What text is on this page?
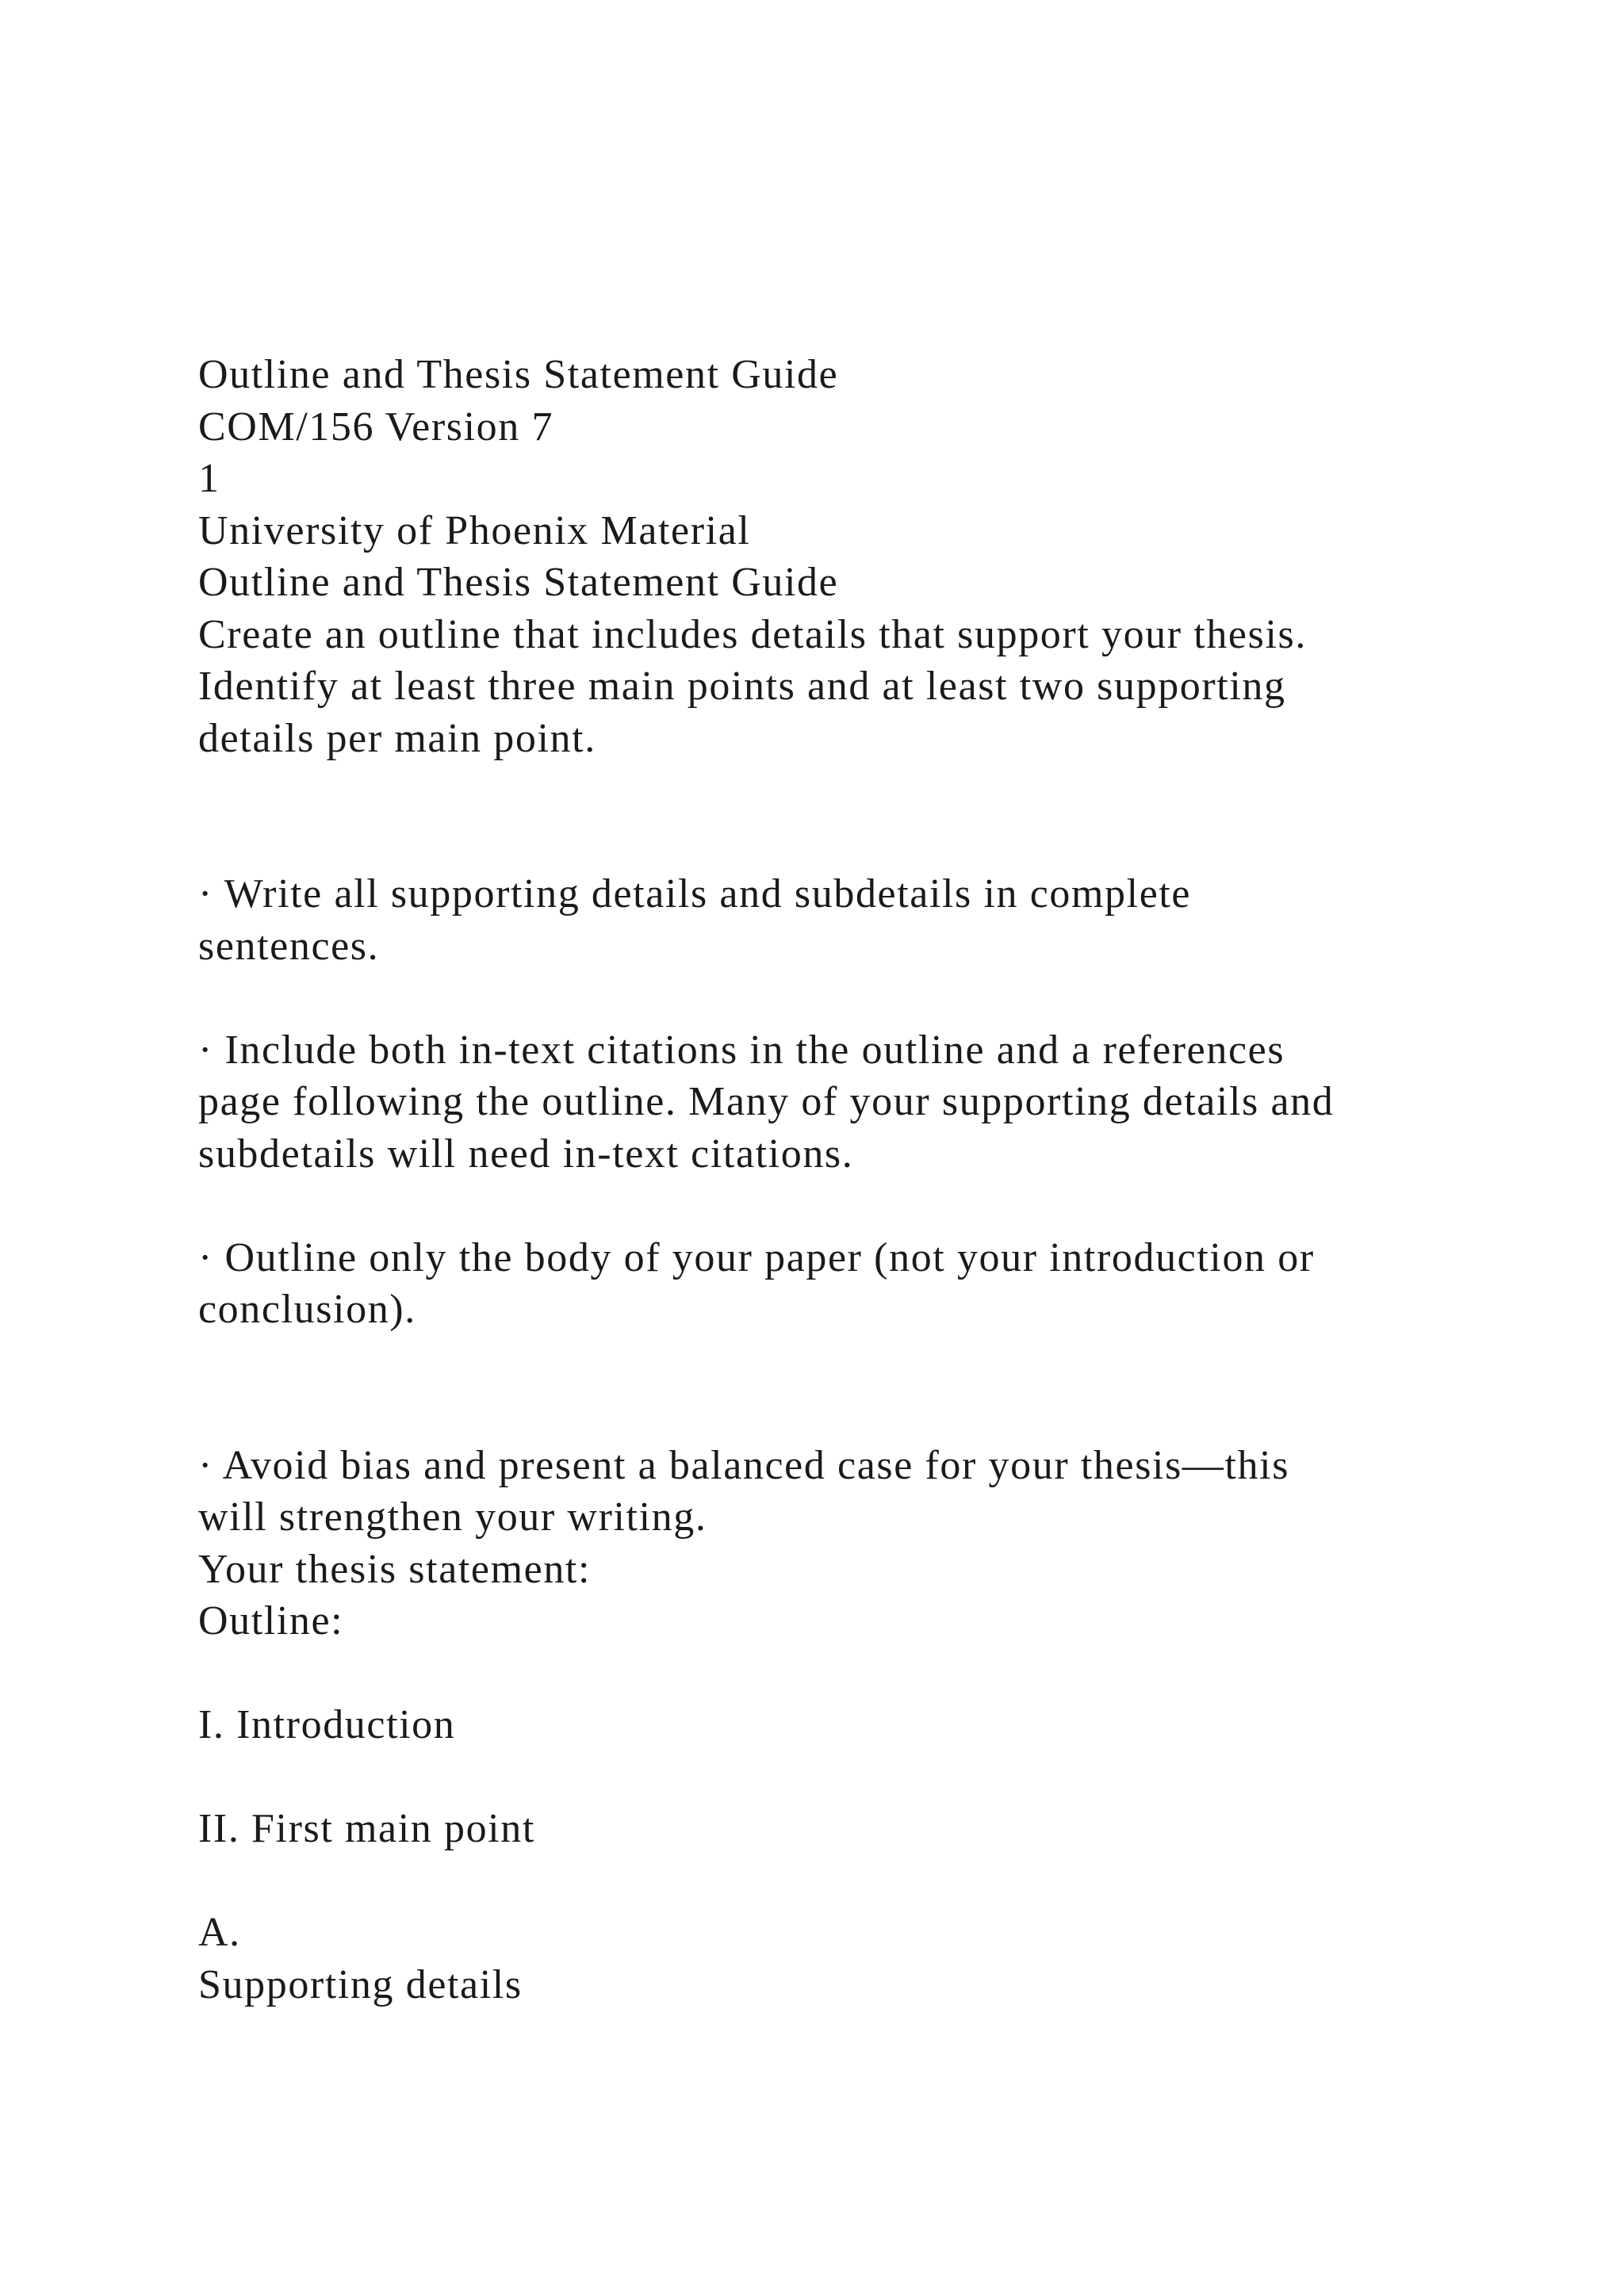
Outline and Thesis Statement Guide
COM/156 Version 7
1
University of Phoenix Material
Outline and Thesis Statement Guide
Create an outline that includes details that support your thesis.
Identify at least three main points and at least two supporting
details per main point.
· Write all supporting details and subdetails in complete
sentences.
· Include both in-text citations in the outline and a references
page following the outline. Many of your supporting details and
subdetails will need in-text citations.
· Outline only the body of your paper (not your introduction or
conclusion).
· Avoid bias and present a balanced case for your thesis—this
will strengthen your writing.
Your thesis statement:
Outline:
I. Introduction
II. First main point
A.
Supporting details
